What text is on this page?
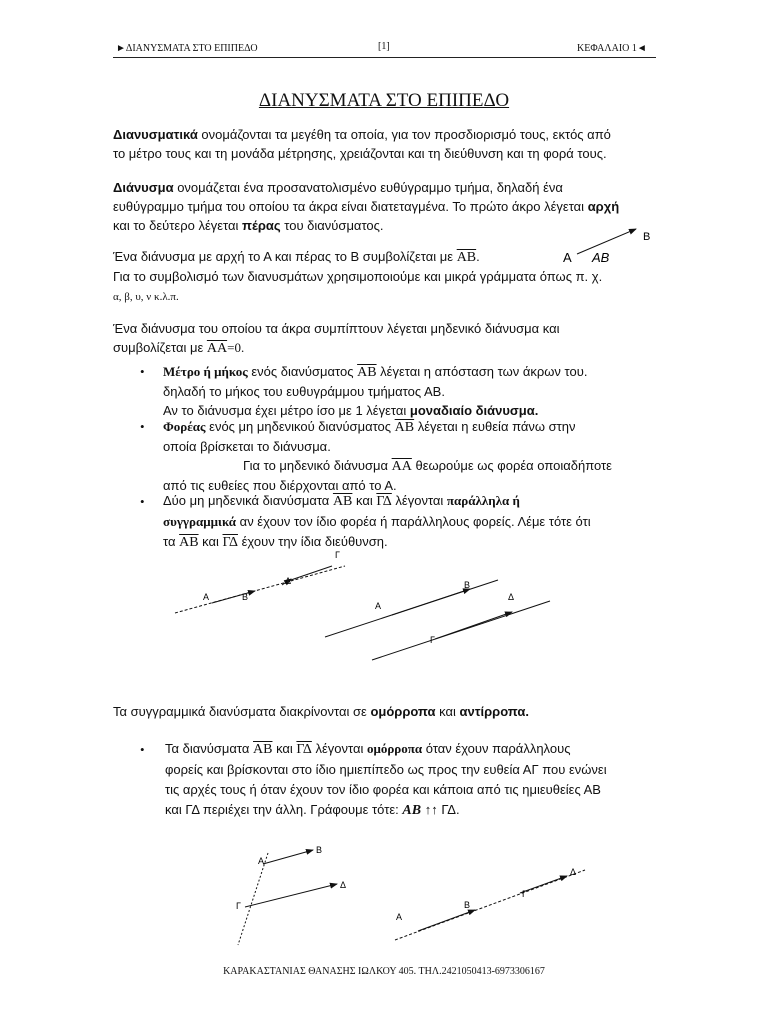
►ΔΙΑΝΥΣΜΑΤΑ ΣΤΟ ΕΠΙΠΕΔΟ	[1]	ΚΕΦΑΛΑΙΟ 1◄
ΔΙΑΝΥΣΜΑΤΑ ΣΤΟ ΕΠΙΠΕΔΟ
Διανυσματικά ονομάζονται τα μεγέθη τα οποία, για τον προσδιορισμό τους, εκτός από
το μέτρο τους και τη μονάδα μέτρησης, χρειάζονται και τη διεύθυνση και τη φορά τους.
Διάνυσμα ονομάζεται ένα προσανατολισμένο ευθύγραμμο τμήμα, δηλαδή ένα
ευθύγραμμο τμήμα του οποίου τα άκρα είναι διατεταγμένα. Το πρώτο άκρο λέγεται αρχή
και το δεύτερο λέγεται πέρας του διανύσματος.
Ένα διάνυσμα με αρχή το Α και πέρας το Β συμβολίζεται με $\overline{AB}$.
Για το συμβολισμό των διανυσμάτων χρησιμοποιούμε και μικρά γράμματα όπως π. χ.
α, β, υ, ν κ.λ.π.
A AB
B
A	B
Γ
Δ
A
B
Γ
Δ
A
B
Γ
Δ
A
B
Γ
Δ
Ένα διάνυσμα του οποίου τα άκρα συμπίπτουν λέγεται μηδενικό διάνυσμα και
συμβολίζεται με $\overline{AA}=0$.
• Μέτρο ή μήκος ενός διανύσματος $\overline{AB}$ λέγεται η απόσταση των άκρων του.
δηλαδή το μήκος του ευθυγράμμου τμήματος ΑΒ.
Αν το διάνυσμα έχει μέτρο ίσο με 1 λέγεται μοναδιαίο διάνυσμα.
• Φορέας ενός μη μηδενικού διανύσματος $\overline{AB}$ λέγεται η ευθεία πάνω στην
οποία βρίσκεται το διάνυσμα.
Για το μηδενικό διάνυσμα $\overline{AA}$ θεωρούμε ως φορέα οποιαδήποτε
από τις ευθείες που διέρχονται από το Α.
• Δύο μη μηδενικά διανύσματα $\overline{AB}$ και $\overline{\Gamma\Delta}$ λέγονται παράλληλα ή
συγγραμμικά αν έχουν τον ίδιο φορέα ή παράλληλους φορείς. Λέμε τότε ότι
τα $\overline{AB}$ και $\overline{\Gamma\Delta}$ έχουν την ίδια διεύθυνση.
Τα συγγραμμικά διανύσματα διακρίνονται σε ομόρροπα και αντίρροπα.
• Τα διανύσματα $\overline{AB}$ και $\overline{\Gamma\Delta}$ λέγονται ομόρροπα όταν έχουν παράλληλους
φορείς και βρίσκονται στο ίδιο ημιεπίπεδο ως προς την ευθεία ΑΓ που ενώνει
τις αρχές τους ή όταν έχουν τον ίδιο φορέα και κάποια από τις ημιευθείες ΑΒ
και ΓΔ περιέχει την άλλη. Γράφουμε τότε: AB ↑↑ ΓΔ.
ΚΑΡΑΚΑΣΤΑΝΙΑΣ ΘΑΝΑΣΗΣ ΙΩΛΚΟΥ 405. ΤΗΛ.2421050413-6973306167
